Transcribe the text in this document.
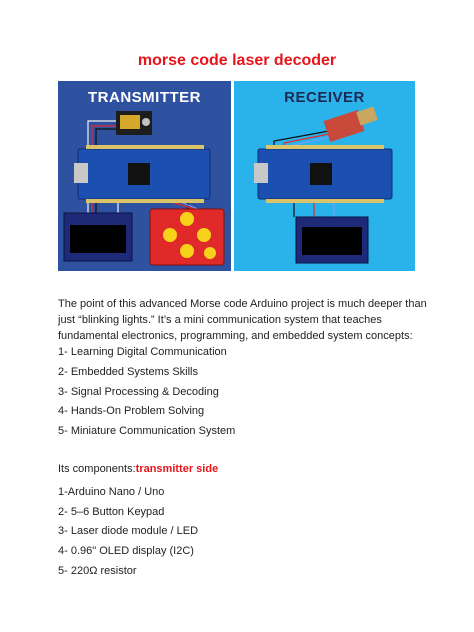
morse code laser decoder
TRANSMITTER	RECEIVER
The point of this advanced Morse code Arduino project is much deeper than just “blinking lights.” It’s a mini communication system that teaches fundamental electronics, programming, and embedded system concepts:
1- Learning Digital Communication
2- Embedded Systems Skills
3- Signal Processing & Decoding
4- Hands-On Problem Solving
5- Miniature Communication System
Its components:transmitter side
1-Arduino Nano / Uno
2- 5–6 Button Keypad
3- Laser diode module / LED
4- 0.96" OLED display (I2C)
5- 220Ω resistor
